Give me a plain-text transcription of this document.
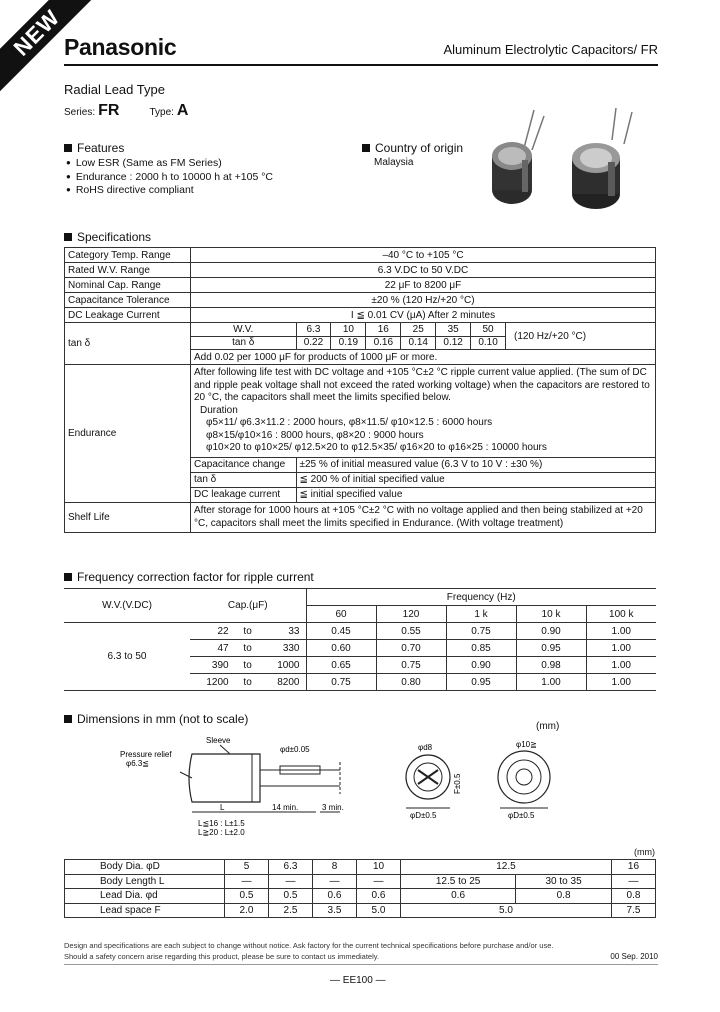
NEW Panasonic	Aluminum Electrolytic Capacitors/ FR
Radial Lead Type
Series: FR	Type: A
Features
● Low ESR (Same as FM Series)
● Endurance : 2000 h to 10000 h at +105 °C
● RoHS directive compliant
Country of origin
Malaysia
Specifications
Category Temp. Range	–40 °C to +105 °C
Rated W.V. Range	6.3 V.DC to 50 V.DC
Nominal Cap. Range	22 μF to 8200 μF
Capacitance Tolerance	±20 % (120 Hz/+20 °C)
DC Leakage Current	I ≦ 0.01 CV (μA) After 2 minutes
tan δ	
W.V.	6.3	10	16	25	35	50
tan δ	0.22	0.19	0.16	0.14	0.12	0.10
	(120 Hz/+20 °C)
Add 0.02 per 1000 μF for products of 1000 μF or more.
Endurance	
After following life test with DC voltage and +105 °C±2 °C ripple current value applied. (The sum of DC and ripple peak voltage shall not exceed the rated working voltage) when the capacitors are restored to 20 °C, the capacitors shall meet the limits specified below.
Duration
φ5×11/ φ6.3×11.2 : 2000 hours, φ8×11.5/ φ10×12.5 : 6000 hours
φ8×15/φ10×16 : 8000 hours, φ8×20 : 9000 hours
φ10×20 to φ10×25/ φ12.5×20 to φ12.5×35/ φ16×20 to φ16×25 : 10000 hours

Capacitance change	±25 % of initial measured value (6.3 V to 10 V : ±30 %)
tan δ	≦ 200 % of initial specified value
DC leakage current	≦ initial specified value

Shelf Life	After storage for 1000 hours at +105 °C±2 °C with no voltage applied and then being stabilized at +20 °C, capacitors shall meet the limits specified in Endurance. (With voltage treatment)
Frequency correction factor for ripple current
W.V.(V.DC)	Cap.(μF)			Frequency (Hz)				
				60	120	1 k	10 k	100 k
6.3 to 50	22	to	33	0.45	0.55	0.75	0.90	1.00
	47	to	330	0.60	0.70	0.85	0.95	1.00
	390	to	1000	0.65	0.75	0.90	0.98	1.00
	1200	to	8200	0.75	0.80	0.95	1.00	1.00
Dimensions in mm (not to scale)
(mm)
Pressure relief
φ6.3≦
Sleeve
φd±0.05
L	14 min.	3 min.
L≦16 : L±1.5
L≧20 : L±2.0
φd8
φD±0.5
F±0.5
φ10≧
φD±0.5
(mm)
Body Dia. φD	5	6.3	8	10	12.5		16
Body Length L	—	—	—	—	12.5 to 25	30 to 35	—
Lead Dia. φd	0.5	0.5	0.6	0.6	0.6	0.8	0.8
Lead space F	2.0	2.5	3.5	5.0	5.0		7.5
Design and specifications are each subject to change without notice. Ask factory for the current technical specifications before purchase and/or use.
Should a safety concern arise regarding this product, please be sure to contact us immediately.	00 Sep. 2010
— EE100 —
